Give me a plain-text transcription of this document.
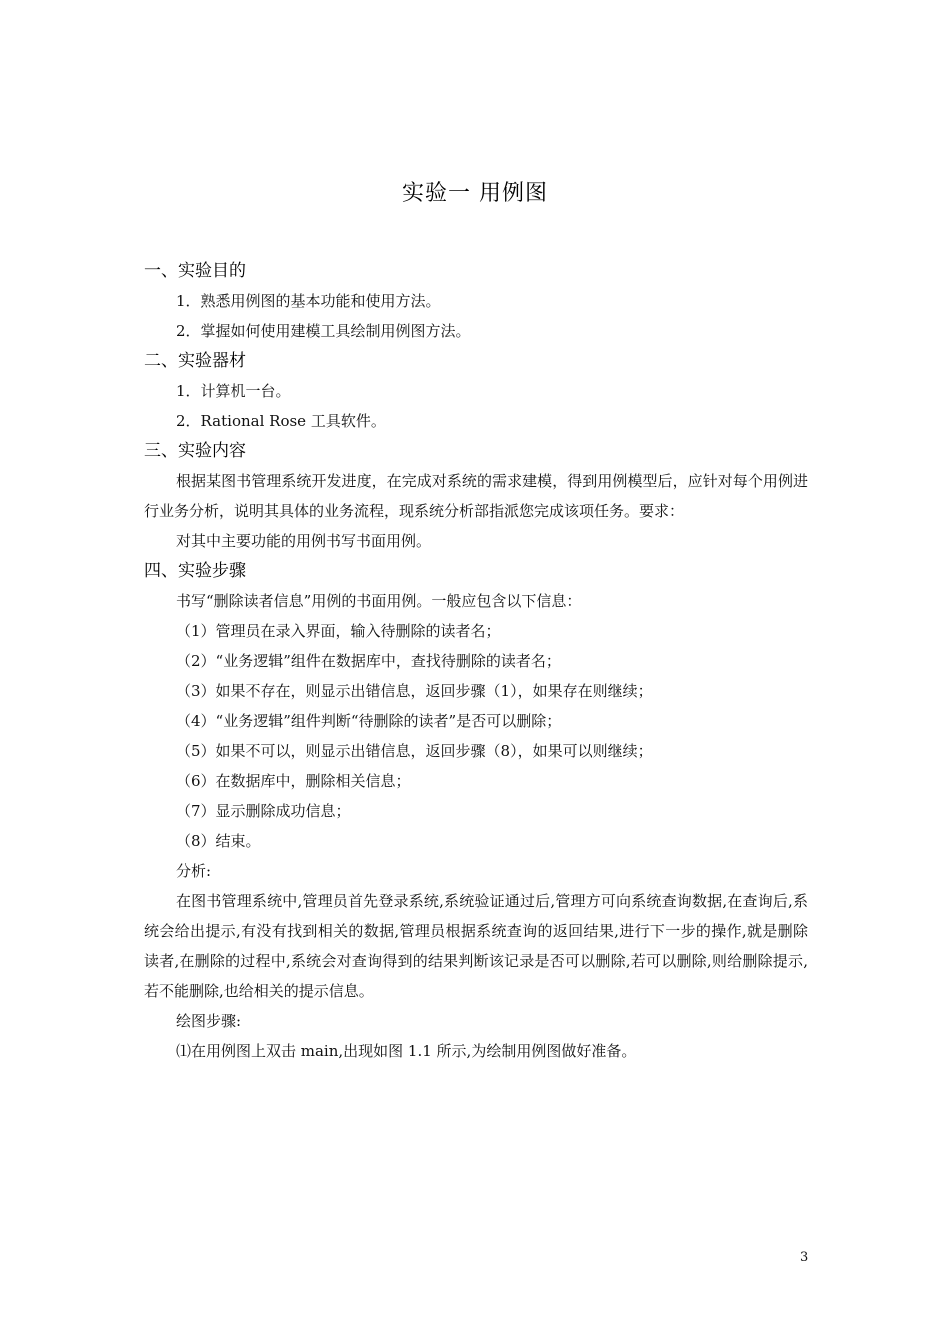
实验一 用例图
一、实验目的
1．熟悉用例图的基本功能和使用方法。
2．掌握如何使用建模工具绘制用例图方法。
二、实验器材
1．计算机一台。
2．Rational Rose 工具软件。
三、实验内容
根据某图书管理系统开发进度，在完成对系统的需求建模，得到用例模型后，应针对每个用例进行业务分析，说明其具体的业务流程，现系统分析部指派您完成该项任务。要求：
对其中主要功能的用例书写书面用例。
四、实验步骤
书写“删除读者信息”用例的书面用例。一般应包含以下信息：
（1）管理员在录入界面，输入待删除的读者名；
（2）“业务逻辑”组件在数据库中，查找待删除的读者名；
（3）如果不存在，则显示出错信息，返回步骤（1），如果存在则继续；
（4）“业务逻辑”组件判断“待删除的读者”是否可以删除；
（5）如果不可以，则显示出错信息，返回步骤（8），如果可以则继续；
（6）在数据库中，删除相关信息；
（7）显示删除成功信息；
（8）结束。
分析:
在图书管理系统中,管理员首先登录系统,系统验证通过后,管理方可向系统查询数据,在查询后,系统会给出提示,有没有找到相关的数据,管理员根据系统查询的返回结果,进行下一步的操作,就是删除读者,在删除的过程中,系统会对查询得到的结果判断该记录是否可以删除,若可以删除,则给删除提示,若不能删除,也给相关的提示信息。
绘图步骤:
⑴在用例图上双击 main,出现如图 1.1 所示,为绘制用例图做好准备。
3
